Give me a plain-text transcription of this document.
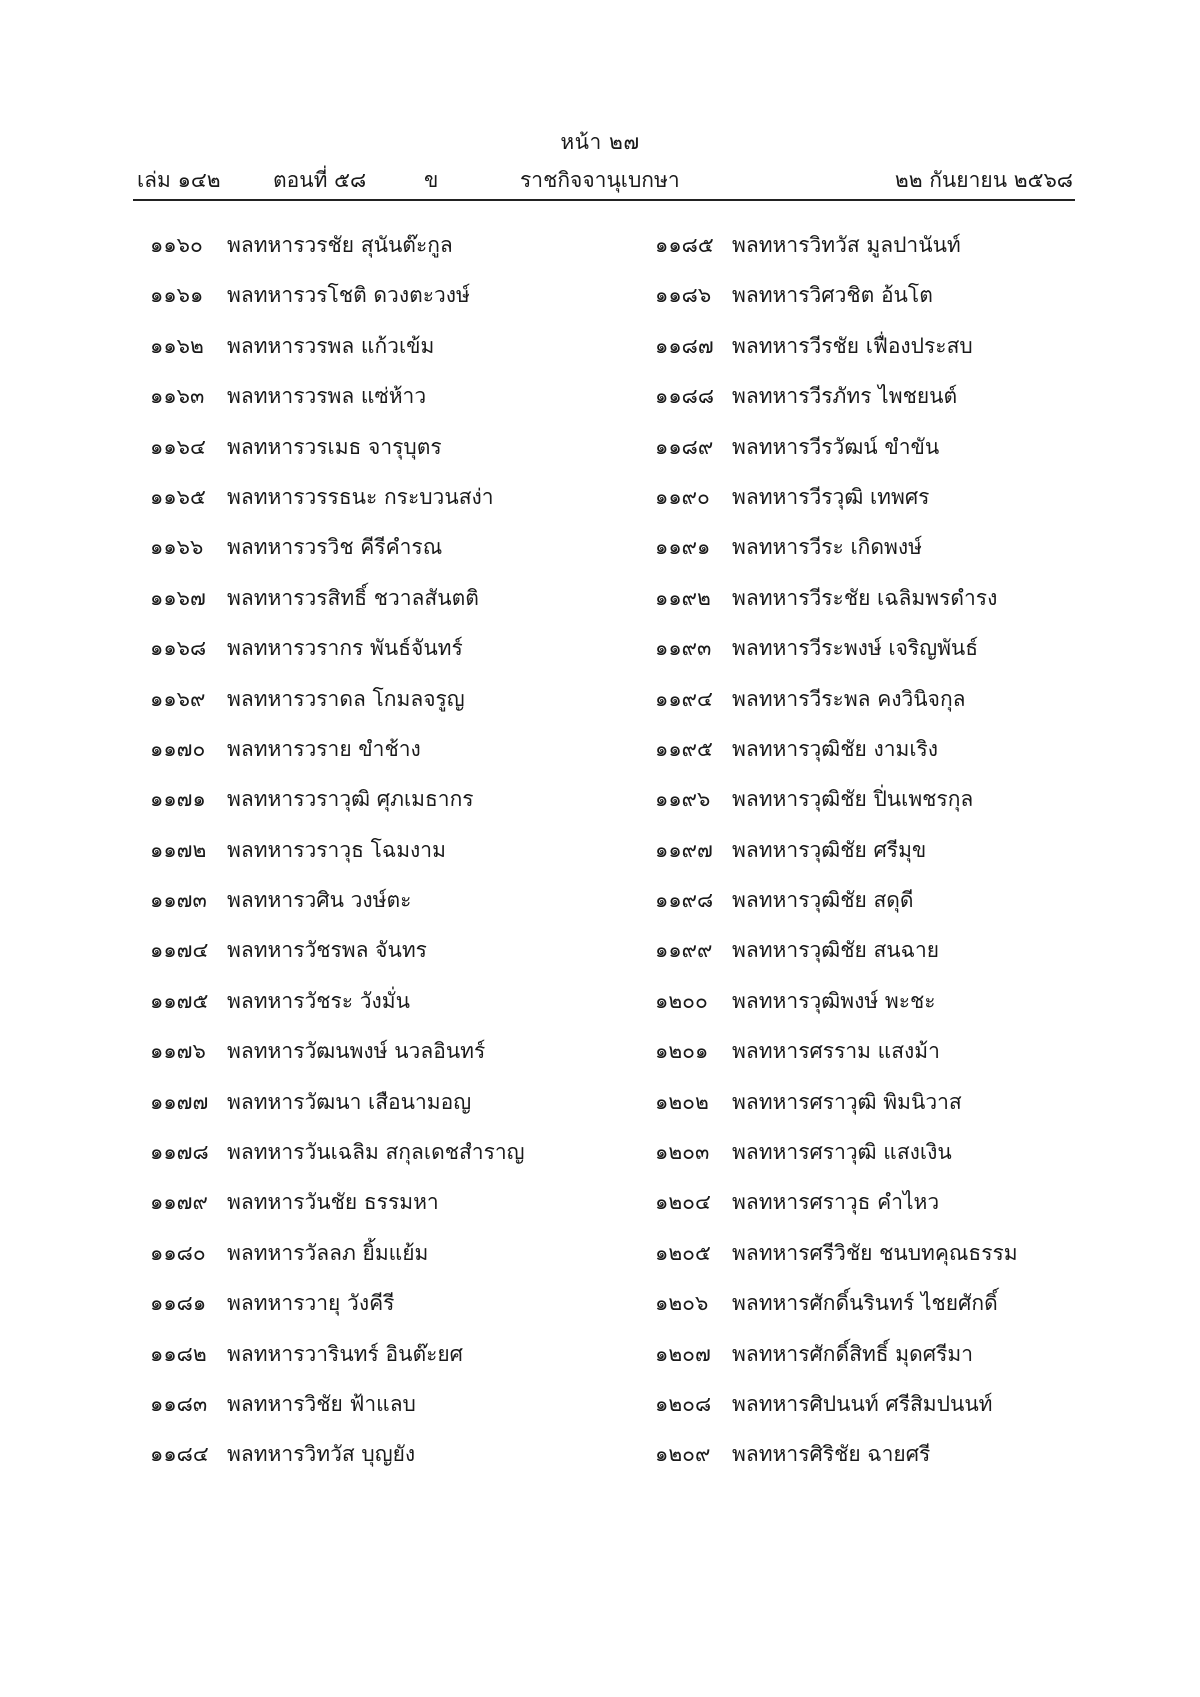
หน้า ๒๗
เล่ม ๑๔๒ ตอนที่ ๕๘	ข	ราชกิจจานุเบกษา	๒๒ กันยายน ๒๕๖๘
๑๑๖๐ พลทหารวรชัย สุนันต๊ะกูล
๑๑๖๑ พลทหารวรโชติ ดวงตะวงษ์
๑๑๖๒ พลทหารวรพล แก้วเข้ม
๑๑๖๓ พลทหารวรพล แซ่ห้าว
๑๑๖๔ พลทหารวรเมธ จารุบุตร
๑๑๖๕ พลทหารวรรธนะ กระบวนสง่า
๑๑๖๖ พลทหารวรวิช คีรีคำรณ
๑๑๖๗ พลทหารวรสิทธิ์ ชวาลสันตติ
๑๑๖๘ พลทหารวรากร พันธ์จันทร์
๑๑๖๙ พลทหารวราดล โกมลจรูญ
๑๑๗๐ พลทหารวราย ขำช้าง
๑๑๗๑ พลทหารวราวุฒิ ศุภเมธากร
๑๑๗๒ พลทหารวราวุธ โฉมงาม
๑๑๗๓ พลทหารวศิน วงษ์ตะ
๑๑๗๔ พลทหารวัชรพล จันทร
๑๑๗๕ พลทหารวัชระ วังมั่น
๑๑๗๖ พลทหารวัฒนพงษ์ นวลอินทร์
๑๑๗๗ พลทหารวัฒนา เสือนามอญ
๑๑๗๘ พลทหารวันเฉลิม สกุลเดชสำราญ
๑๑๗๙ พลทหารวันชัย ธรรมหา
๑๑๘๐ พลทหารวัลลภ ยิ้มแย้ม
๑๑๘๑ พลทหารวายุ วังคีรี
๑๑๘๒ พลทหารวารินทร์ อินต๊ะยศ
๑๑๘๓ พลทหารวิชัย ฟ้าแลบ
๑๑๘๔ พลทหารวิทวัส บุญยัง
๑๑๘๕ พลทหารวิทวัส มูลปานันท์
๑๑๘๖ พลทหารวิศวชิต อ้นโต
๑๑๘๗ พลทหารวีรชัย เฟื่องประสบ
๑๑๘๘ พลทหารวีรภัทร ไพชยนต์
๑๑๘๙ พลทหารวีรวัฒน์ ขำขัน
๑๑๙๐ พลทหารวีรวุฒิ เทพศร
๑๑๙๑ พลทหารวีระ เกิดพงษ์
๑๑๙๒ พลทหารวีระชัย เฉลิมพรดำรง
๑๑๙๓ พลทหารวีระพงษ์ เจริญพันธ์
๑๑๙๔ พลทหารวีระพล คงวินิจกุล
๑๑๙๕ พลทหารวุฒิชัย งามเริง
๑๑๙๖ พลทหารวุฒิชัย ปิ่นเพชรกุล
๑๑๙๗ พลทหารวุฒิชัย ศรีมุข
๑๑๙๘ พลทหารวุฒิชัย สดุดี
๑๑๙๙ พลทหารวุฒิชัย สนฉาย
๑๒๐๐ พลทหารวุฒิพงษ์ พะชะ
๑๒๐๑ พลทหารศรราม แสงม้า
๑๒๐๒ พลทหารศราวุฒิ พิมนิวาส
๑๒๐๓ พลทหารศราวุฒิ แสงเงิน
๑๒๐๔ พลทหารศราวุธ คำไหว
๑๒๐๕ พลทหารศรีวิชัย ชนบทคุณธรรม
๑๒๐๖ พลทหารศักดิ์นรินทร์ ไชยศักดิ์
๑๒๐๗ พลทหารศักดิ์สิทธิ์ มุดศรีมา
๑๒๐๘ พลทหารศิปนนท์ ศรีสิมปนนท์
๑๒๐๙ พลทหารศิริชัย ฉายศรี
